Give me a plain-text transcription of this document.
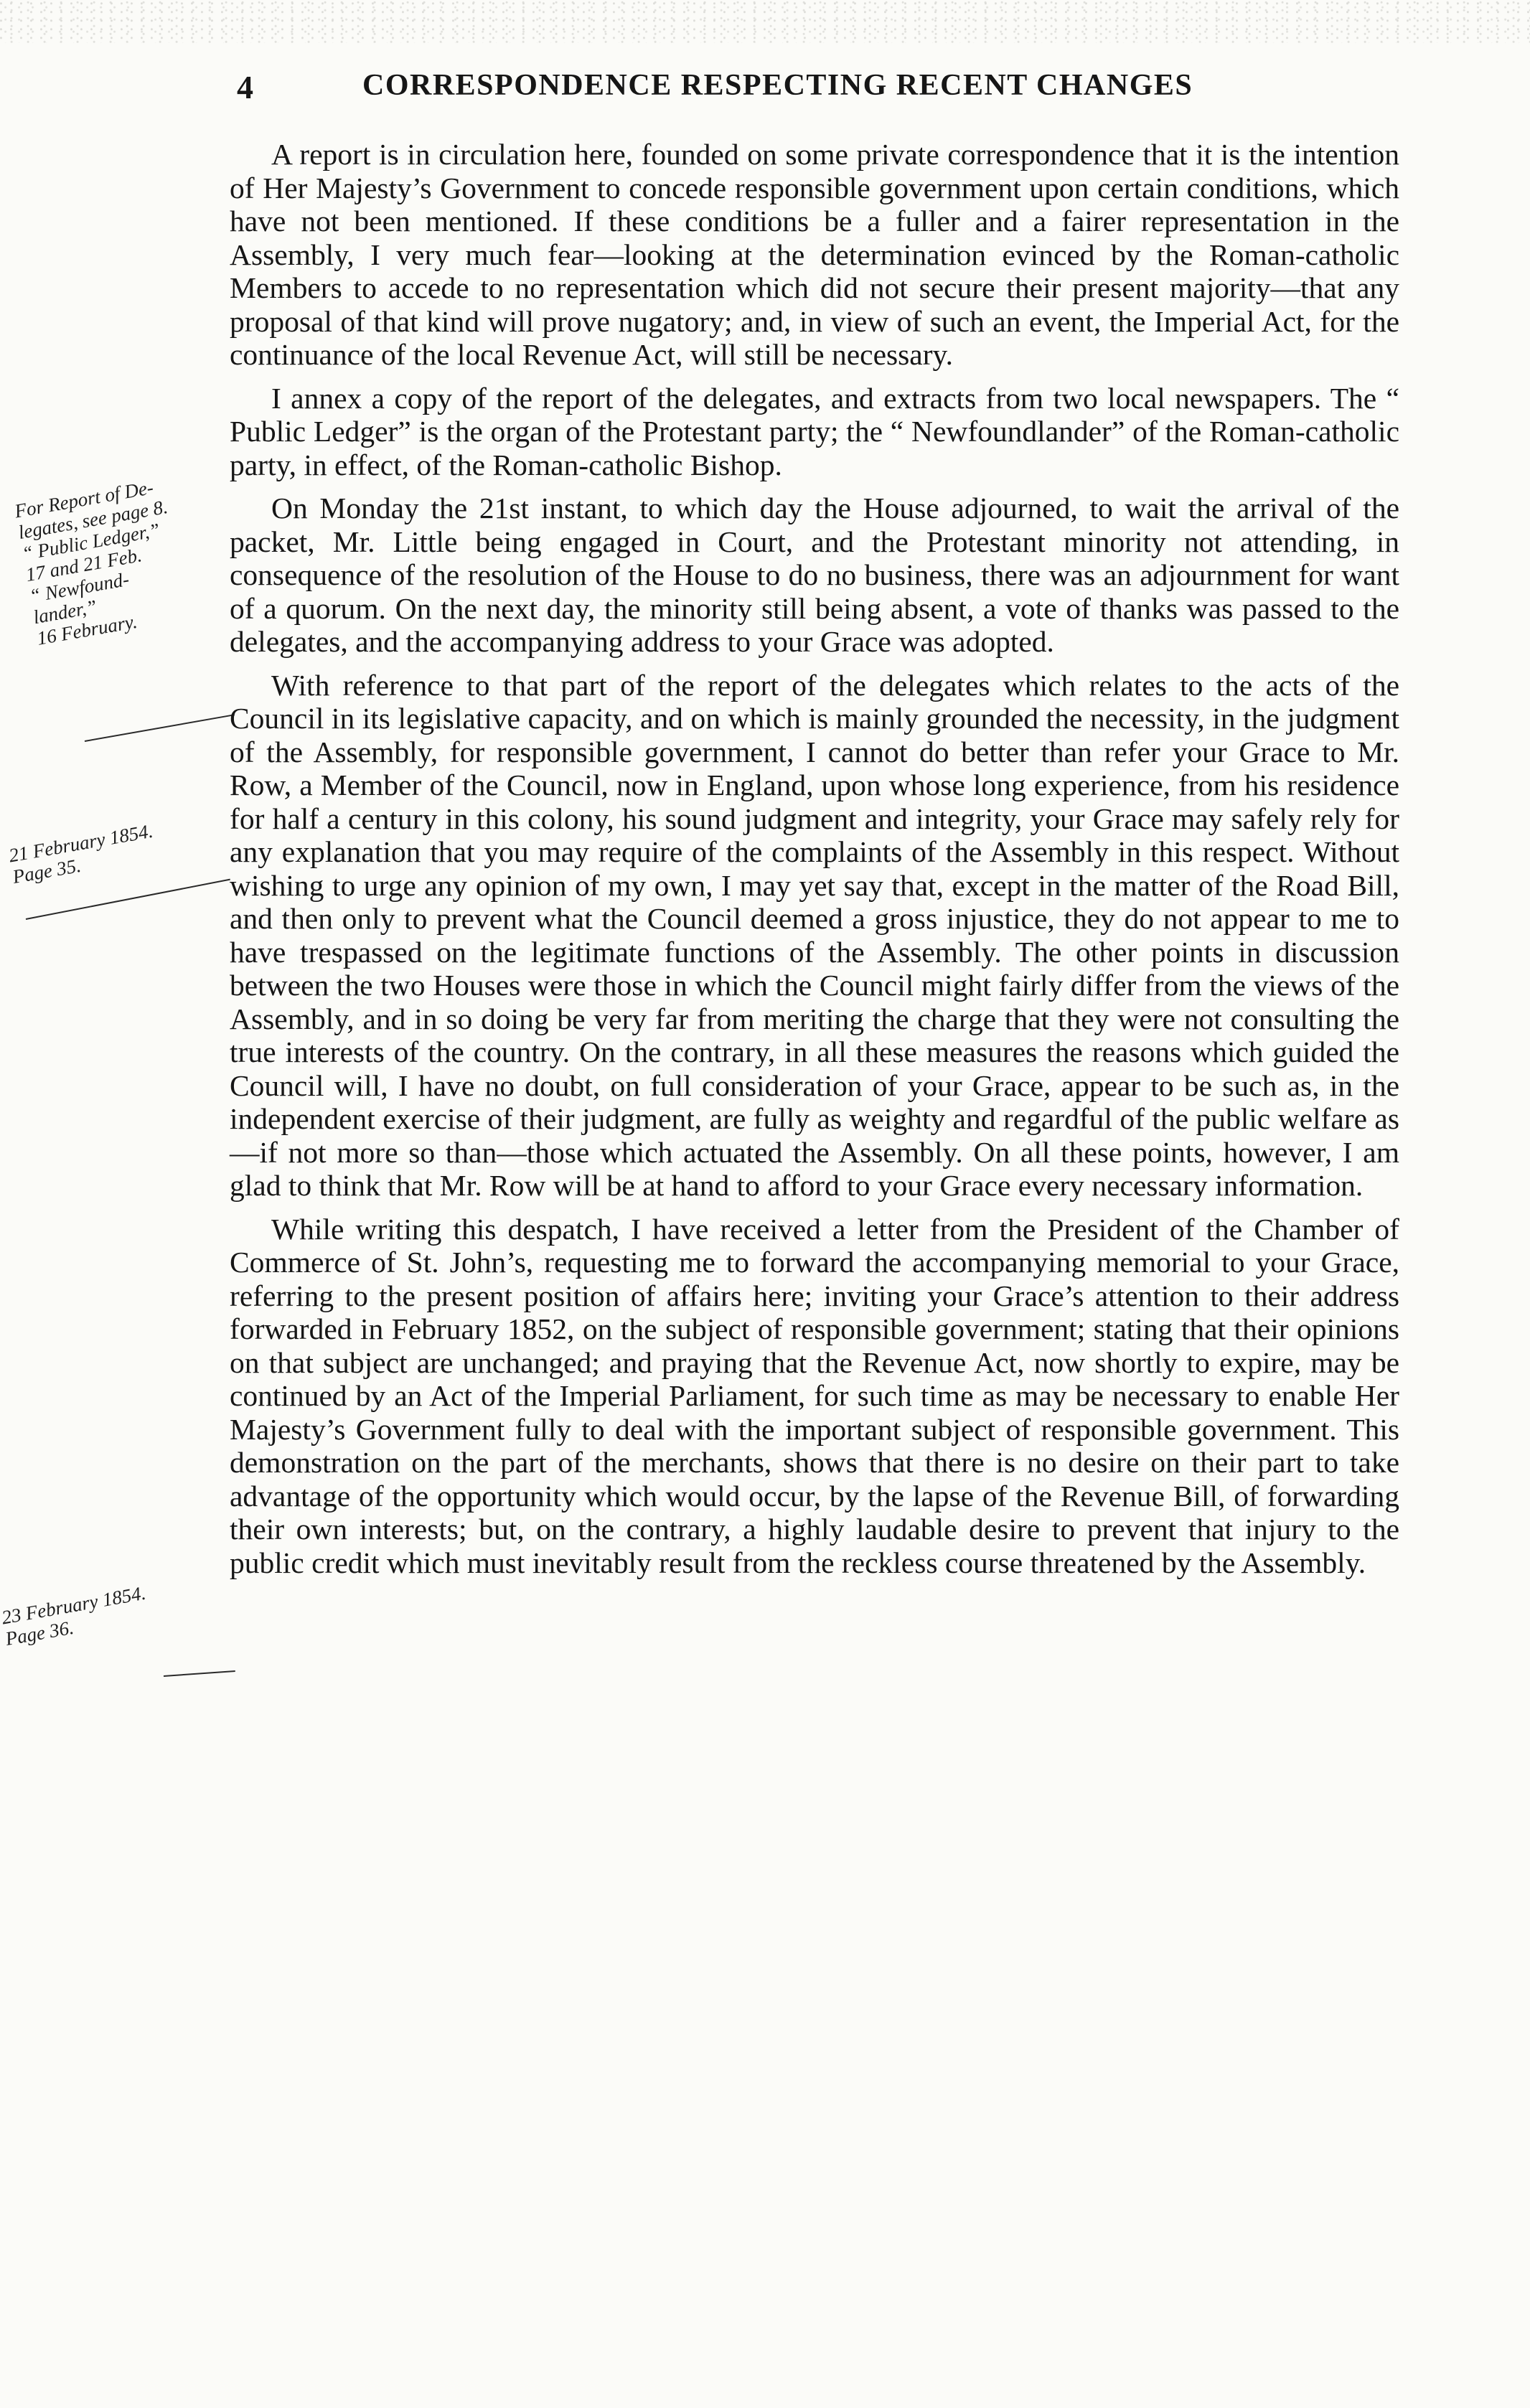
4	CORRESPONDENCE RESPECTING RECENT CHANGES
For Report of De-
legates, see page 8.
“ Public Ledger,”
17 and 21 Feb.
“ Newfound-
lander,”
16 February.
21 February 1854.
Page 35.
23 February 1854.
Page 36.

A report is in circulation here, founded on some private correspondence that it is the intention of Her Majesty’s Government to concede responsible government upon certain conditions, which have not been mentioned. If these conditions be a fuller and a fairer representation in the Assembly, I very much fear—looking at the determination evinced by the Roman-catholic Members to accede to no representation which did not secure their present majority—that any proposal of that kind will prove nugatory; and, in view of such an event, the Imperial Act, for the continuance of the local Revenue Act, will still be necessary.

I annex a copy of the report of the delegates, and extracts from two local newspapers. The “ Public Ledger” is the organ of the Protestant party; the “ Newfoundlander” of the Roman-catholic party, in effect, of the Roman-catholic Bishop.

On Monday the 21st instant, to which day the House adjourned, to wait the arrival of the packet, Mr. Little being engaged in Court, and the Protestant minority not attending, in consequence of the resolution of the House to do no business, there was an adjournment for want of a quorum. On the next day, the minority still being absent, a vote of thanks was passed to the delegates, and the accompanying address to your Grace was adopted.

With reference to that part of the report of the delegates which relates to the acts of the Council in its legislative capacity, and on which is mainly grounded the necessity, in the judgment of the Assembly, for responsible government, I cannot do better than refer your Grace to Mr. Row, a Member of the Council, now in England, upon whose long experience, from his residence for half a century in this colony, his sound judgment and integrity, your Grace may safely rely for any explanation that you may require of the complaints of the Assembly in this respect. Without wishing to urge any opinion of my own, I may yet say that, except in the matter of the Road Bill, and then only to prevent what the Council deemed a gross injustice, they do not appear to me to have trespassed on the legitimate functions of the Assembly. The other points in discussion between the two Houses were those in which the Council might fairly differ from the views of the Assembly, and in so doing be very far from meriting the charge that they were not consulting the true interests of the country. On the contrary, in all these measures the reasons which guided the Council will, I have no doubt, on full consideration of your Grace, appear to be such as, in the independent exercise of their judgment, are fully as weighty and regardful of the public welfare as—if not more so than—those which actuated the Assembly. On all these points, however, I am glad to think that Mr. Row will be at hand to afford to your Grace every necessary information.

While writing this despatch, I have received a letter from the President of the Chamber of Commerce of St. John’s, requesting me to forward the accompanying memorial to your Grace, referring to the present position of affairs here; inviting your Grace’s attention to their address forwarded in February 1852, on the subject of responsible government; stating that their opinions on that subject are unchanged; and praying that the Revenue Act, now shortly to expire, may be continued by an Act of the Imperial Parliament, for such time as may be necessary to enable Her Majesty’s Government fully to deal with the important subject of responsible government. This demonstration on the part of the merchants, shows that there is no desire on their part to take advantage of the opportunity which would occur, by the lapse of the Revenue Bill, of forwarding their own interests; but, on the contrary, a highly laudable desire to prevent that injury to the public credit which must inevitably result from the reckless course threatened by the Assembly.
